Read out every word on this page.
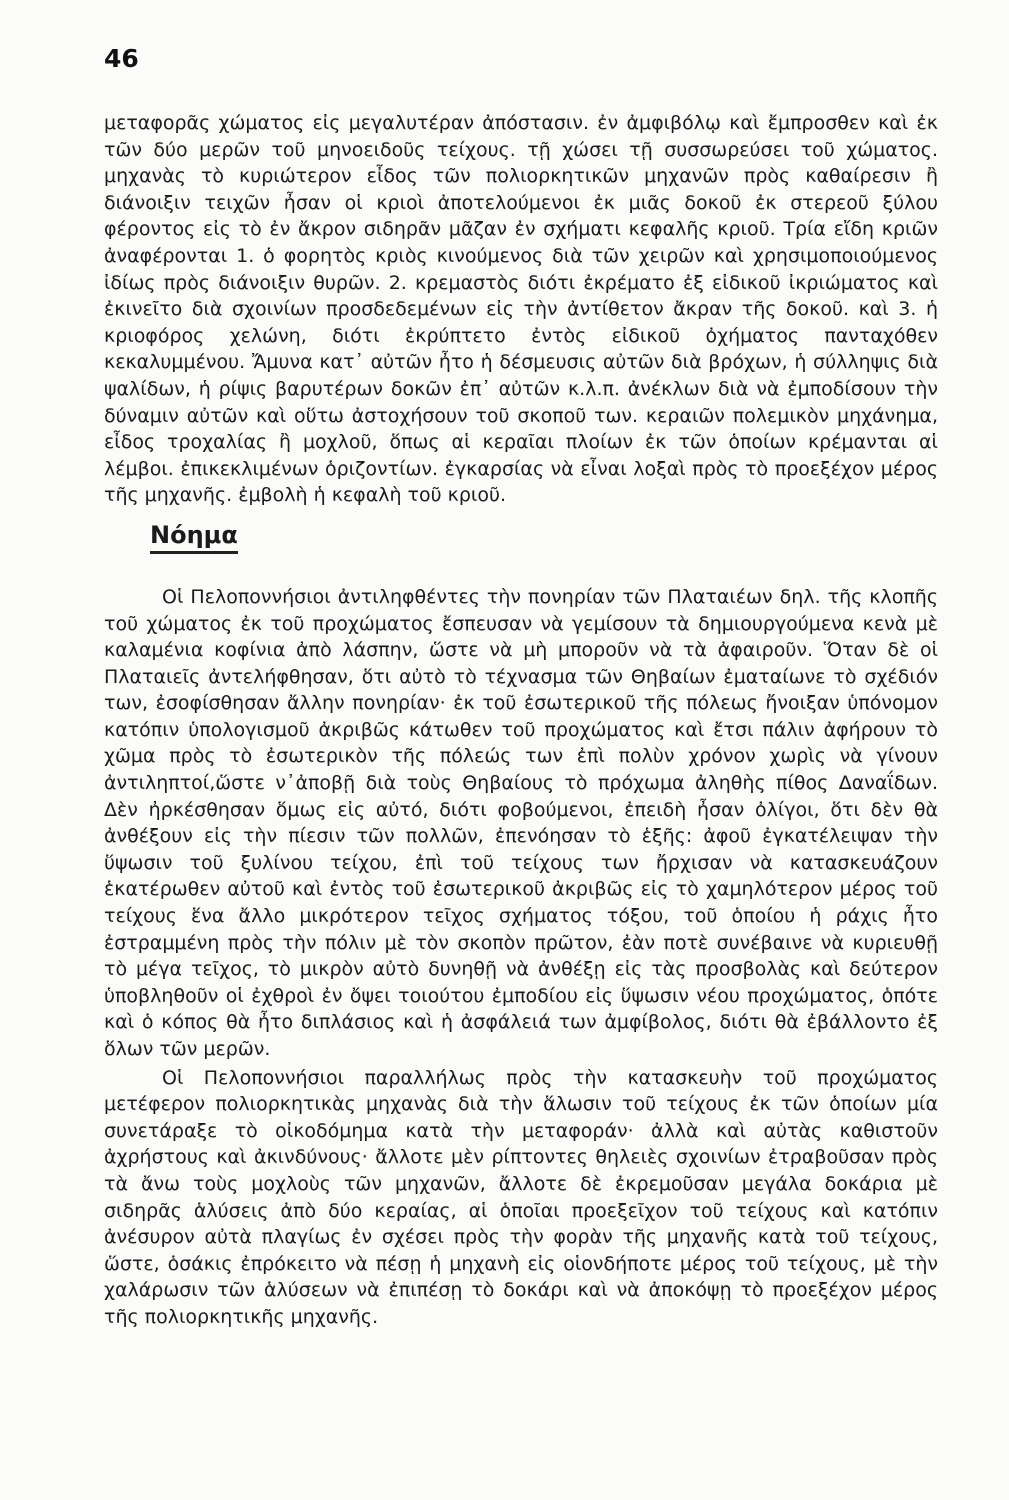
46

μεταφορᾶς χώματος εἰς μεγαλυτέραν ἀπόστασιν. ἐν ἀμφιβόλῳ καὶ ἔμπροσθεν καὶ ἐκ τῶν δύο μερῶν τοῦ μηνοειδοῦς τείχους. τῇ χώσει τῇ συσσωρεύσει τοῦ χώματος. μηχανὰς τὸ κυριώτερον εἶδος τῶν πολιορκητικῶν μηχανῶν πρὸς καθαίρεσιν ἢ διάνοιξιν τειχῶν ἦσαν οἱ κριοὶ ἀποτελούμενοι ἐκ μιᾶς δοκοῦ ἐκ στερεοῦ ξύλου φέροντος εἰς τὸ ἐν ἄκρον σιδηρᾶν μᾶζαν ἐν σχήματι κεφαλῆς κριοῦ. Τρία εἴδη κριῶν ἀναφέρονται 1. ὁ φορητὸς κριὸς κινούμενος διὰ τῶν χειρῶν καὶ χρησιμοποιούμενος ἰδίως πρὸς διάνοιξιν θυρῶν. 2. κρεμαστὸς διότι ἐκρέματο ἐξ εἰδικοῦ ἰκριώματος καὶ ἐκινεῖτο διὰ σχοινίων προσδεδεμένων εἰς τὴν ἀντίθετον ἄκραν τῆς δοκοῦ. καὶ 3. ἡ κριοφόρος χελώνη, διότι ἐκρύπτετο ἐντὸς εἰδικοῦ ὀχήματος πανταχόθεν κεκαλυμμένου. Ἄμυνα κατ᾽ αὐτῶν ἦτο ἡ δέσμευσις αὐτῶν διὰ βρόχων, ἡ σύλληψις διὰ ψαλίδων, ἡ ρίψις βαρυτέρων δοκῶν ἐπ᾽ αὐτῶν κ.λ.π. ἀνέκλων διὰ νὰ ἐμποδίσουν τὴν δύναμιν αὐτῶν καὶ οὕτω ἀστοχήσουν τοῦ σκοποῦ των. κεραιῶν πολεμικὸν μηχάνημα, εἶδος τροχαλίας ἢ μοχλοῦ, ὅπως αἱ κεραῖαι πλοίων ἐκ τῶν ὁποίων κρέμανται αἱ λέμβοι. ἐπικεκλιμένων ὁριζοντίων. ἐγκαρσίας νὰ εἶναι λοξαὶ πρὸς τὸ προεξέχον μέρος τῆς μηχανῆς. ἐμβολὴ ἡ κεφαλὴ τοῦ κριοῦ.

Νόημα

Οἱ Πελοποννήσιοι ἀντιληφθέντες τὴν πονηρίαν τῶν Πλαταιέων δηλ. τῆς κλοπῆς τοῦ χώματος ἐκ τοῦ προχώματος ἔσπευσαν νὰ γεμίσουν τὰ δημιουργούμενα κενὰ μὲ καλαμένια κοφίνια ἀπὸ λάσπην, ὥστε νὰ μὴ μποροῦν νὰ τὰ ἀφαιροῦν. Ὅταν δὲ οἱ Πλαταιεῖς ἀντελήφθησαν, ὅτι αὐτὸ τὸ τέχνασμα τῶν Θηβαίων ἐματαίωνε τὸ σχέδιόν των, ἐσοφίσθησαν ἄλλην πονηρίαν· ἐκ τοῦ ἐσωτερικοῦ τῆς πόλεως ἤνοιξαν ὑπόνομον κατόπιν ὑπολογισμοῦ ἀκριβῶς κάτωθεν τοῦ προχώματος καὶ ἔτσι πάλιν ἀφήρουν τὸ χῶμα πρὸς τὸ ἐσωτερικὸν τῆς πόλεώς των ἐπὶ πολὺν χρόνον χωρὶς νὰ γίνουν ἀντιληπτοί,ὥστε ν᾽ἀποβῇ διὰ τοὺς Θηβαίους τὸ πρόχωμα ἀληθὴς πίθος Δαναΐδων. Δὲν ἠρκέσθησαν ὅμως εἰς αὐτό, διότι φοβούμενοι, ἐπειδὴ ἦσαν ὀλίγοι, ὅτι δὲν θὰ ἀνθέξουν εἰς τὴν πίεσιν τῶν πολλῶν, ἐπενόησαν τὸ ἑξῆς: ἀφοῦ ἐγκατέλειψαν τὴν ὕψωσιν τοῦ ξυλίνου τείχου, ἐπὶ τοῦ τείχους των ἤρχισαν νὰ κατασκευάζουν ἑκατέρωθεν αὐτοῦ καὶ ἐντὸς τοῦ ἐσωτερικοῦ ἀκριβῶς εἰς τὸ χαμηλότερον μέρος τοῦ τείχους ἕνα ἄλλο μικρότερον τεῖχος σχήματος τόξου, τοῦ ὁποίου ἡ ράχις ἦτο ἐστραμμένη πρὸς τὴν πόλιν μὲ τὸν σκοπὸν πρῶτον, ἐὰν ποτὲ συνέβαινε νὰ κυριευθῇ τὸ μέγα τεῖχος, τὸ μικρὸν αὐτὸ δυνηθῇ νὰ ἀνθέξῃ εἰς τὰς προσβολὰς καὶ δεύτερον ὑποβληθοῦν οἱ ἐχθροὶ ἐν ὄψει τοιούτου ἐμποδίου εἰς ὕψωσιν νέου προχώματος, ὁπότε καὶ ὁ κόπος θὰ ἦτο διπλάσιος καὶ ἡ ἀσφάλειά των ἀμφίβολος, διότι θὰ ἐβάλλοντο ἐξ ὅλων τῶν μερῶν.

Οἱ Πελοποννήσιοι παραλλήλως πρὸς τὴν κατασκευὴν τοῦ προχώματος μετέφερον πολιορκητικὰς μηχανὰς διὰ τὴν ἅλωσιν τοῦ τείχους ἐκ τῶν ὁποίων μία συνετάραξε τὸ οἰκοδόμημα κατὰ τὴν μεταφοράν· ἀλλὰ καὶ αὐτὰς καθιστοῦν ἀχρήστους καὶ ἀκινδύνους· ἄλλοτε μὲν ρίπτοντες θηλειὲς σχοινίων ἐτραβοῦσαν πρὸς τὰ ἄνω τοὺς μοχλοὺς τῶν μηχανῶν, ἄλλοτε δὲ ἐκρεμοῦσαν μεγάλα δοκάρια μὲ σιδηρᾶς ἁλύσεις ἀπὸ δύο κεραίας, αἱ ὁποῖαι προεξεῖχον τοῦ τείχους καὶ κατόπιν ἀνέσυρον αὐτὰ πλαγίως ἐν σχέσει πρὸς τὴν φορὰν τῆς μηχανῆς κατὰ τοῦ τείχους, ὥστε, ὁσάκις ἐπρόκειτο νὰ πέσῃ ἡ μηχανὴ εἰς οἱονδήποτε μέρος τοῦ τείχους, μὲ τὴν χαλάρωσιν τῶν ἁλύσεων νὰ ἐπιπέσῃ τὸ δοκάρι καὶ νὰ ἀποκόψῃ τὸ προεξέχον μέρος τῆς πολιορκητικῆς μηχανῆς.
